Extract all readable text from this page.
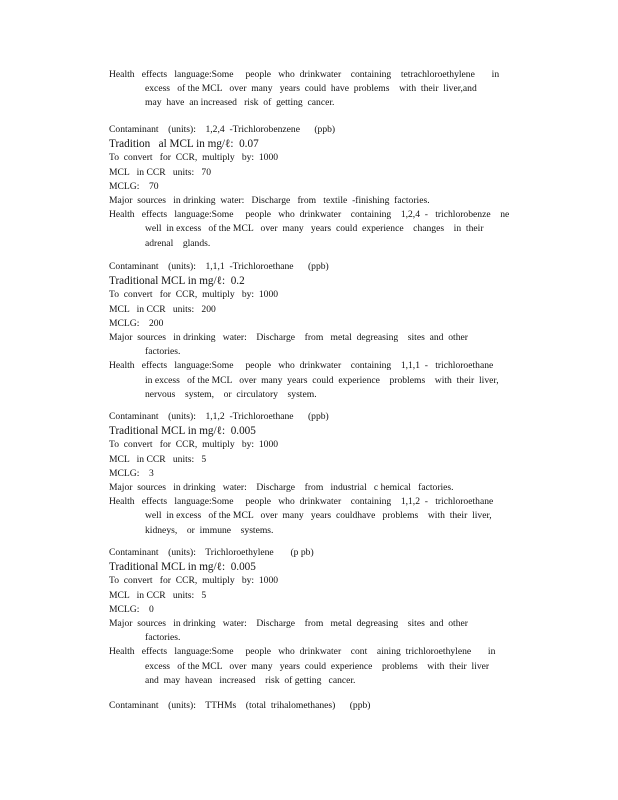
Health   effects   language:Some     people   who  drinkwater    containing    tetrachloroethylene       in
excess   of the MCL   over  many   years  could  have  problems    with  their  liver,and
may  have  an increased   risk  of  getting  cancer.
Contaminant    (units):    1,2,4  -Trichlorobenzene      (ppb)
Tradition   al MCL in mg/ℓ:  0.07
To  convert   for  CCR,  multiply   by:  1000
MCL   in CCR   units:   70
MCLG:    70
Major  sources   in drinking  water:   Discharge   from   textile  -finishing  factories.
Health   effects   language:Some     people   who  drinkwater    containing    1,2,4  -   trichlorobenze    ne
well  in excess   of the MCL   over  many   years  could  experience    changes    in  their
adrenal    glands.
Contaminant    (units):    1,1,1  -Trichloroethane      (ppb)
Traditional MCL in mg/ℓ:  0.2
To  convert   for  CCR,  multiply   by:  1000
MCL   in CCR   units:   200
MCLG:    200
Major  sources   in drinking   water:    Discharge    from   metal  degreasing    sites  and  other
factories.
Health   effects   language:Some     people   who  drinkwater    containing    1,1,1  -   trichloroethane
in excess   of the MCL   over  many  years  could  experience    problems    with  their  liver,
nervous    system,    or  circulatory    system.
Contaminant    (units):    1,1,2  -Trichloroethane      (ppb)
Traditional MCL in mg/ℓ:  0.005
To  convert   for  CCR,  multiply   by:  1000
MCL   in CCR   units:   5
MCLG:    3
Major  sources   in drinking   water:    Discharge    from   industrial   c hemical   factories.
Health   effects   language:Some     people   who  drinkwater    containing    1,1,2  -   trichloroethane
well  in excess   of the MCL   over  many   years  couldhave   problems    with  their  liver,
kidneys,    or  immune    systems.
Contaminant    (units):    Trichloroethylene       (p pb)
Traditional MCL in mg/ℓ:  0.005
To  convert   for  CCR,  multiply   by:  1000
MCL   in CCR   units:   5
MCLG:    0
Major  sources   in drinking   water:    Discharge    from   metal  degreasing    sites  and  other
factories.
Health   effects   language:Some     people   who  drinkwater    cont    aining  trichloroethylene       in
excess   of the MCL   over  many   years  could  experience    problems    with  their  liver
and  may  havean   increased    risk  of getting   cancer.
Contaminant    (units):    TTHMs    (total  trihalomethanes)      (ppb)
